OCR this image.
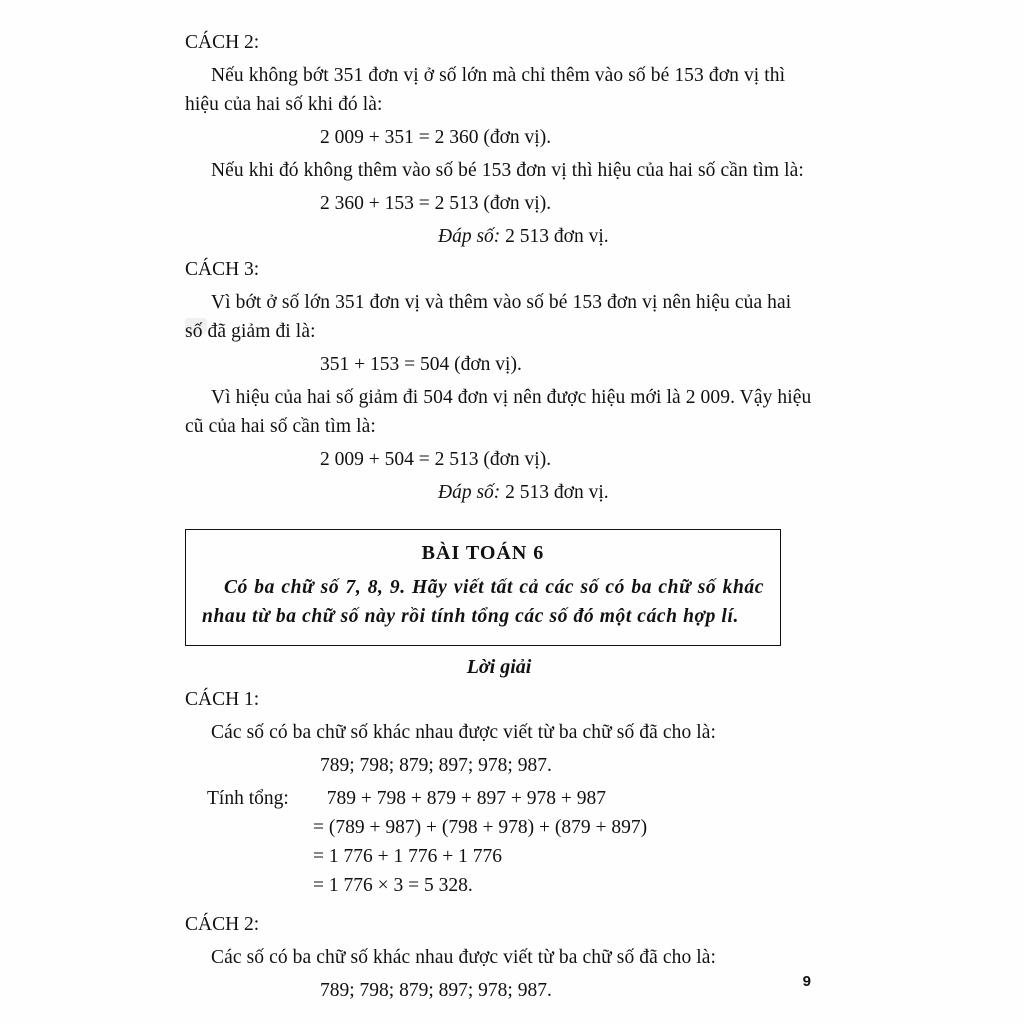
CÁCH 2:
Nếu không bớt 351 đơn vị ở số lớn mà chỉ thêm vào số bé 153 đơn vị thì hiệu của hai số khi đó là:
2 009 + 351 = 2 360 (đơn vị).
Nếu khi đó không thêm vào số bé 153 đơn vị thì hiệu của hai số cần tìm là:
2 360 + 153 = 2 513 (đơn vị).
Đáp số: 2 513 đơn vị.
CÁCH 3:
Vì bớt ở số lớn 351 đơn vị và thêm vào số bé 153 đơn vị nên hiệu của hai số đã giảm đi là:
351 + 153 = 504 (đơn vị).
Vì hiệu của hai số giảm đi 504 đơn vị nên được hiệu mới là 2 009. Vậy hiệu cũ của hai số cần tìm là:
2 009 + 504 = 2 513 (đơn vị).
Đáp số: 2 513 đơn vị.
BÀI TOÁN 6
Có ba chữ số 7, 8, 9. Hãy viết tất cả các số có ba chữ số khác nhau từ ba chữ số này rồi tính tổng các số đó một cách hợp lí.
Lời giải
CÁCH 1:
Các số có ba chữ số khác nhau được viết từ ba chữ số đã cho là:
789; 798; 879; 897; 978; 987.
Tính tổng: 789 + 798 + 879 + 897 + 978 + 987
= (789 + 987) + (798 + 978) + (879 + 897)
= 1 776 + 1 776 + 1 776
= 1 776 × 3 = 5 328.
CÁCH 2:
Các số có ba chữ số khác nhau được viết từ ba chữ số đã cho là:
789; 798; 879; 897; 978; 987.	9
